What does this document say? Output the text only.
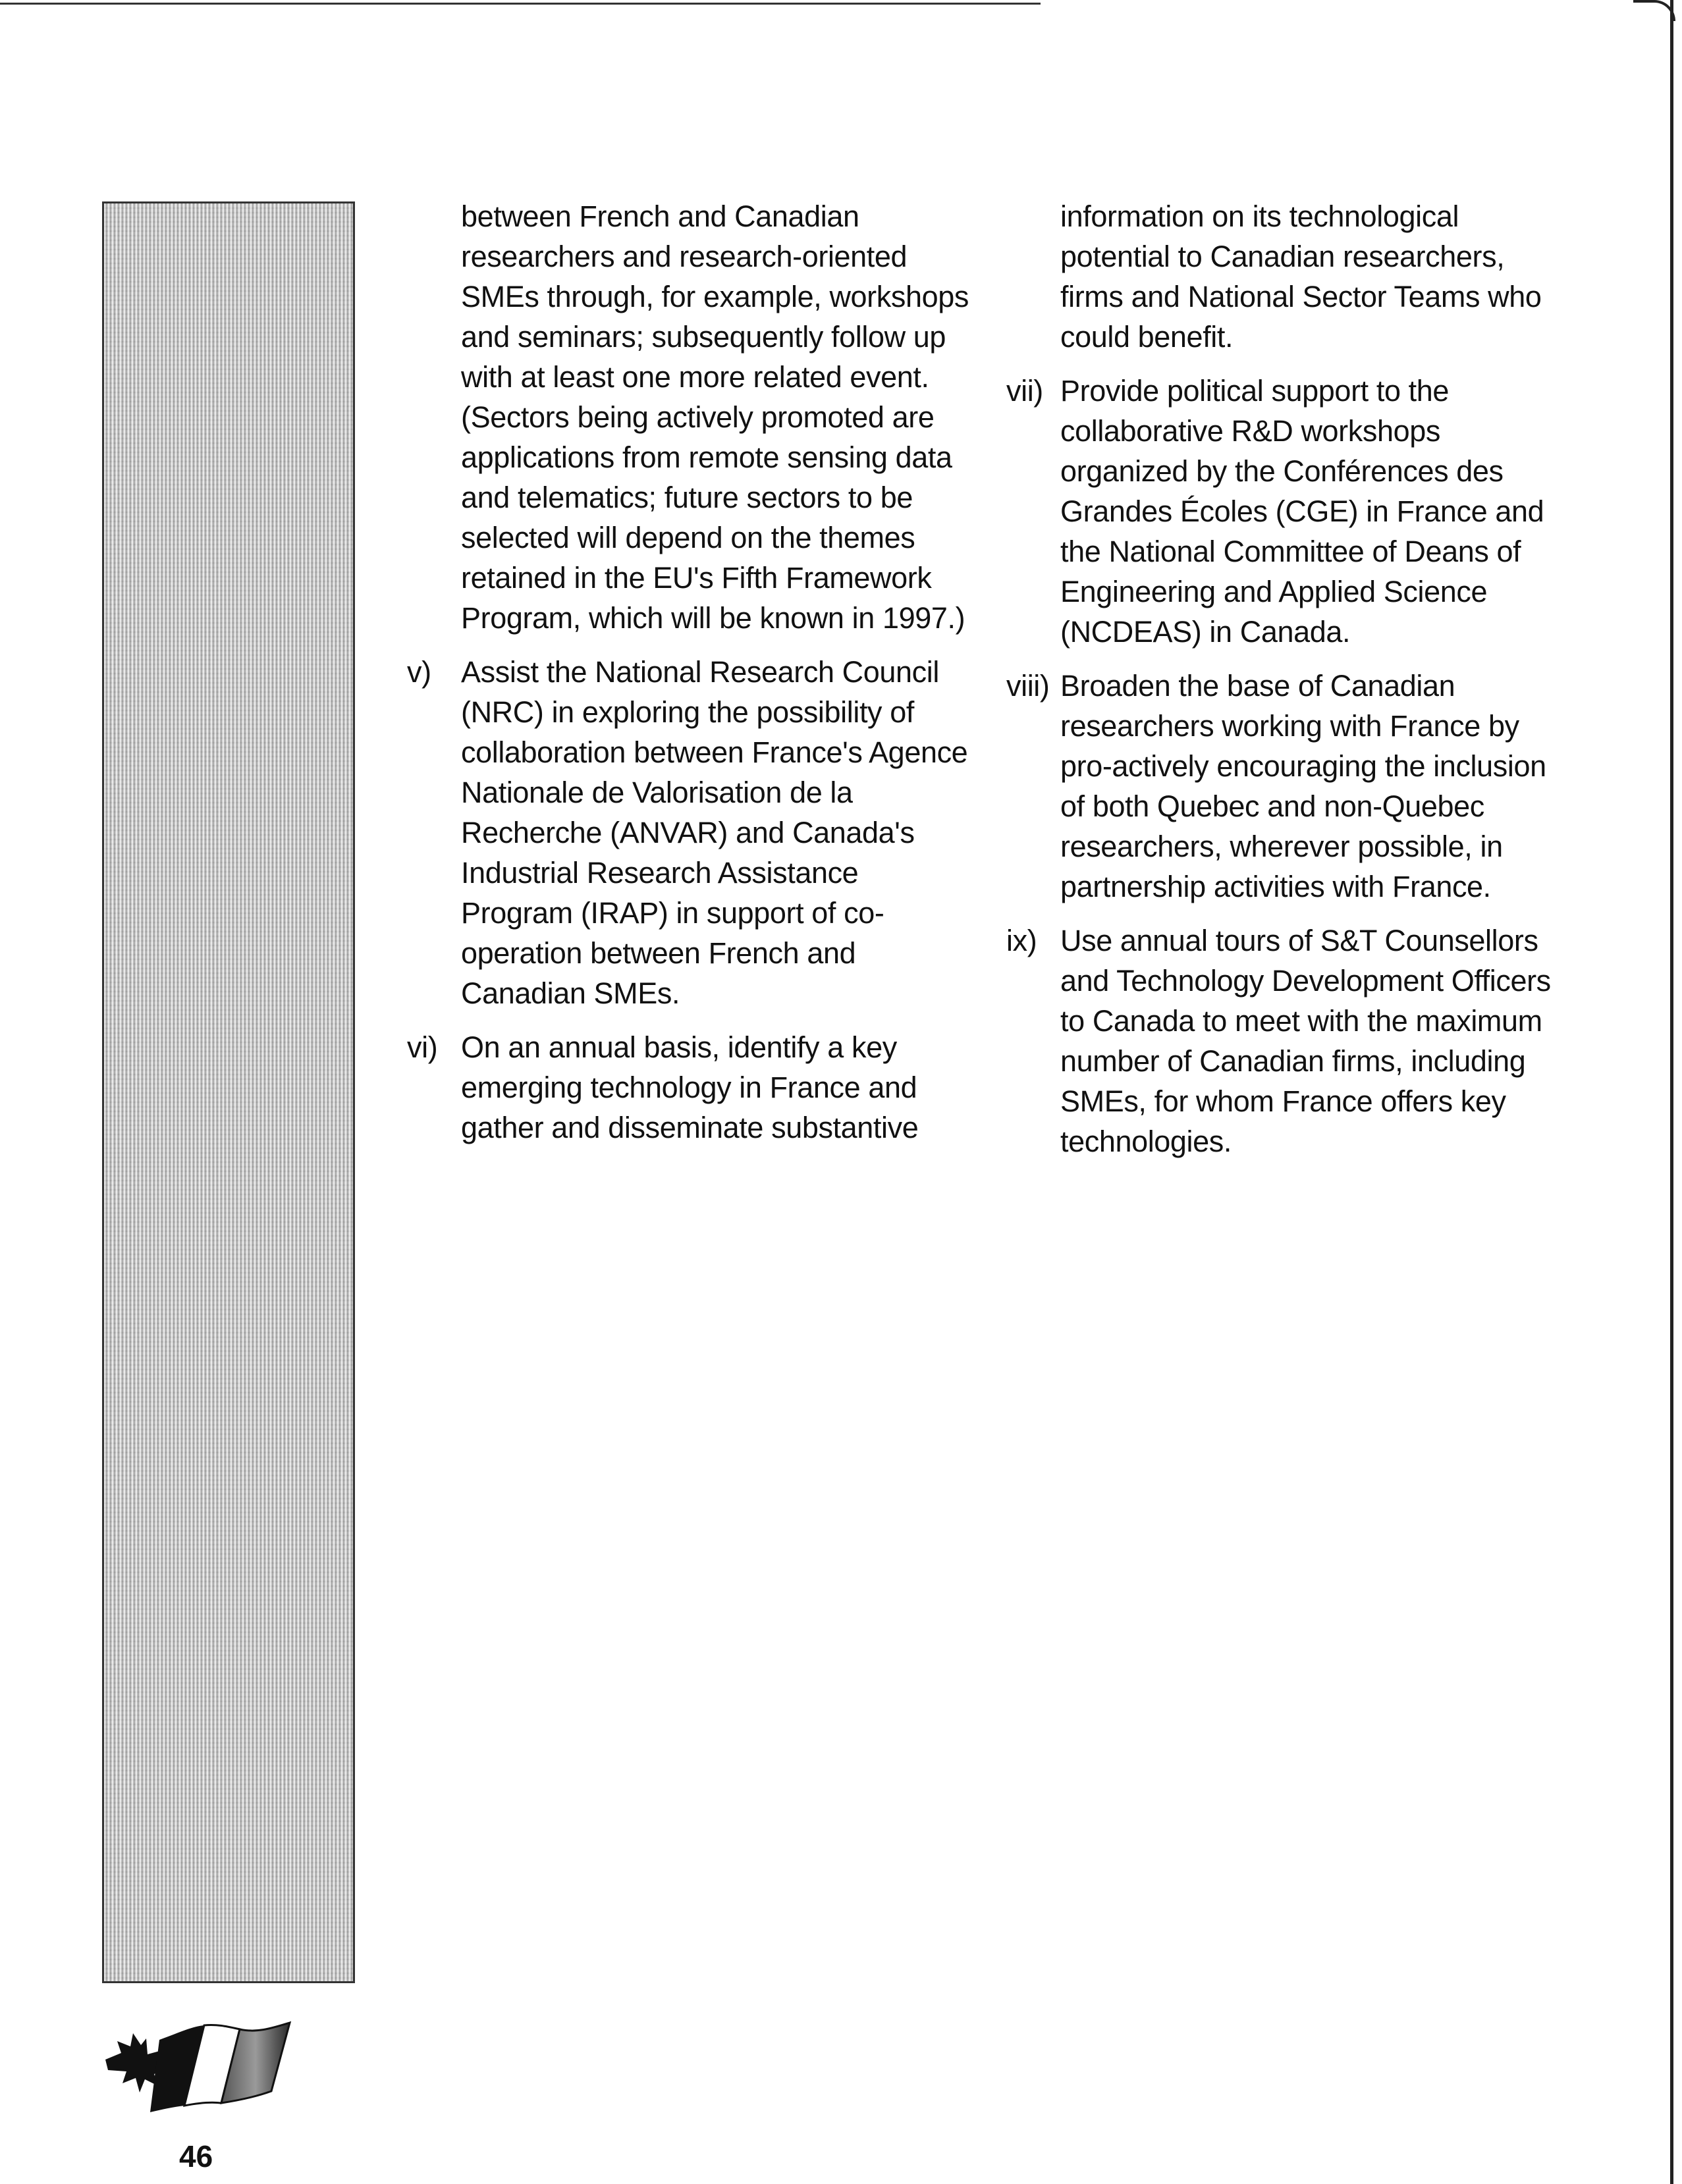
between French and Canadian
researchers and research-oriented
SMEs through, for example, workshops
and seminars; subsequently follow up
with at least one more related event.
(Sectors being actively promoted are
applications from remote sensing data
and telematics; future sectors to be
selected will depend on the themes
retained in the EU's Fifth Framework
Program, which will be known in 1997.)
v) Assist the National Research Council
(NRC) in exploring the possibility of
collaboration between France's Agence
Nationale de Valorisation de la
Recherche (ANVAR) and Canada's
Industrial Research Assistance
Program (IRAP) in support of co-
operation between French and
Canadian SMEs.
vi) On an annual basis, identify a key
emerging technology in France and
gather and disseminate substantive
information on its technological
potential to Canadian researchers,
firms and National Sector Teams who
could benefit.
vii) Provide political support to the
collaborative R&D workshops
organized by the Conférences des
Grandes Écoles (CGE) in France and
the National Committee of Deans of
Engineering and Applied Science
(NCDEAS) in Canada.
viii) Broaden the base of Canadian
researchers working with France by
pro-actively encouraging the inclusion
of both Quebec and non-Quebec
researchers, wherever possible, in
partnership activities with France.
ix) Use annual tours of S&T Counsellors
and Technology Development Officers
to Canada to meet with the maximum
number of Canadian firms, including
SMEs, for whom France offers key
technologies.
46
